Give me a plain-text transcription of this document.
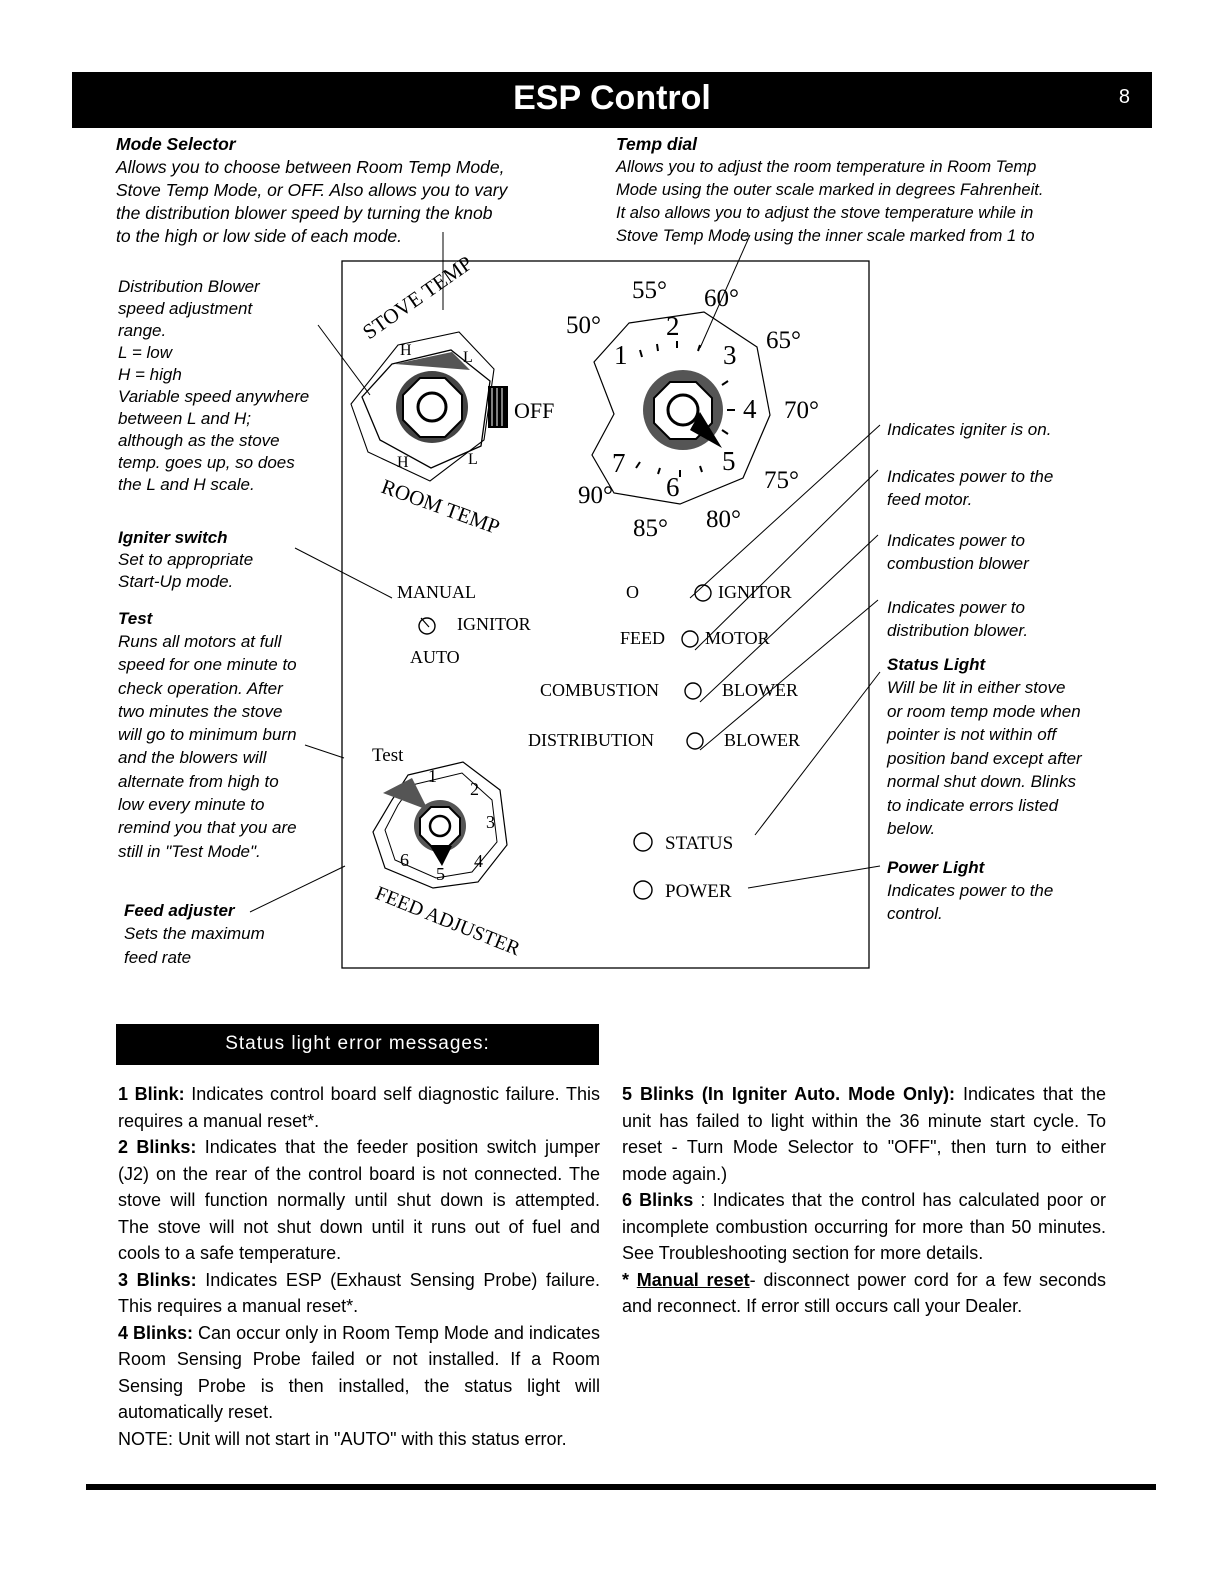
ESP Control	8
Mode Selector
Allows you to choose between Room Temp Mode,
Stove Temp Mode, or OFF. Also allows you to vary
the distribution blower speed by turning the knob
to the high or low side of each mode.
Temp dial
Allows you to adjust the room temperature in Room Temp
Mode using the outer scale marked in degrees Fahrenheit.
It also allows you to adjust the stove temperature while in
Stove Temp Mode using the inner scale marked from 1 to
Distribution Blower
speed adjustment
range.
L = low
H = high
Variable speed anywhere
between L and H;
although as the stove
temp. goes up, so does
the L and H scale.
Igniter switch
Set to appropriate
Start-Up mode.
Test
Runs all motors at full
speed for one minute to
check operation. After
two minutes the stove
will go to minimum burn
and the blowers will
alternate from high to
low every minute to
remind you that you are
still in "Test Mode".
Feed adjuster
Sets the maximum
feed rate
Indicates igniter is on.
Indicates power to the
feed motor.
Indicates power to
combustion blower
Indicates power to
distribution blower.
Status Light
Will be lit in either stove
or room temp mode when
pointer is not within off
position band except after
normal shut down. Blinks
to indicate errors listed
below.
Power Light
Indicates power to the
control.
STOVE TEMP
ROOM TEMP
OFF
H	L
H	L
50°
55° 60°
65°
70°
75°
80°
85°
90°
1
2
3
4
5
6
7
MANUAL
IGNITOR
AUTO
O	IGNITOR
FEED MOTOR
COMBUSTION	BLOWER
DISTRIBUTION	BLOWER
STATUS
POWER
Test
1
2
3
4
5
6
FEED ADJUSTER
Status light error messages:
1 Blink: Indicates control board self diagnostic failure. This requires a manual reset*.
2 Blinks: Indicates that the feeder position switch jumper (J2) on the rear of the control board is not connected. The stove will function normally until shut down is attempted. The stove will not shut down until it runs out of fuel and cools to a safe temperature.
3 Blinks: Indicates ESP (Exhaust Sensing Probe) failure. This requires a manual reset*.
4 Blinks: Can occur only in Room Temp Mode and indicates Room Sensing Probe failed or not installed. If a Room Sensing Probe is then installed, the status light will automatically reset.
NOTE: Unit will not start in "AUTO" with this status error.
5 Blinks (In Igniter Auto. Mode Only): Indicates that the unit has failed to light within the 36 minute start cycle. To reset - Turn Mode Selector to "OFF", then turn to either mode again.)
6 Blinks : Indicates that the control has calculated poor or incomplete combustion occurring for more than 50 minutes. See Troubleshooting section for more details.
* Manual reset- disconnect power cord for a few seconds and reconnect. If error still occurs call your Dealer.
